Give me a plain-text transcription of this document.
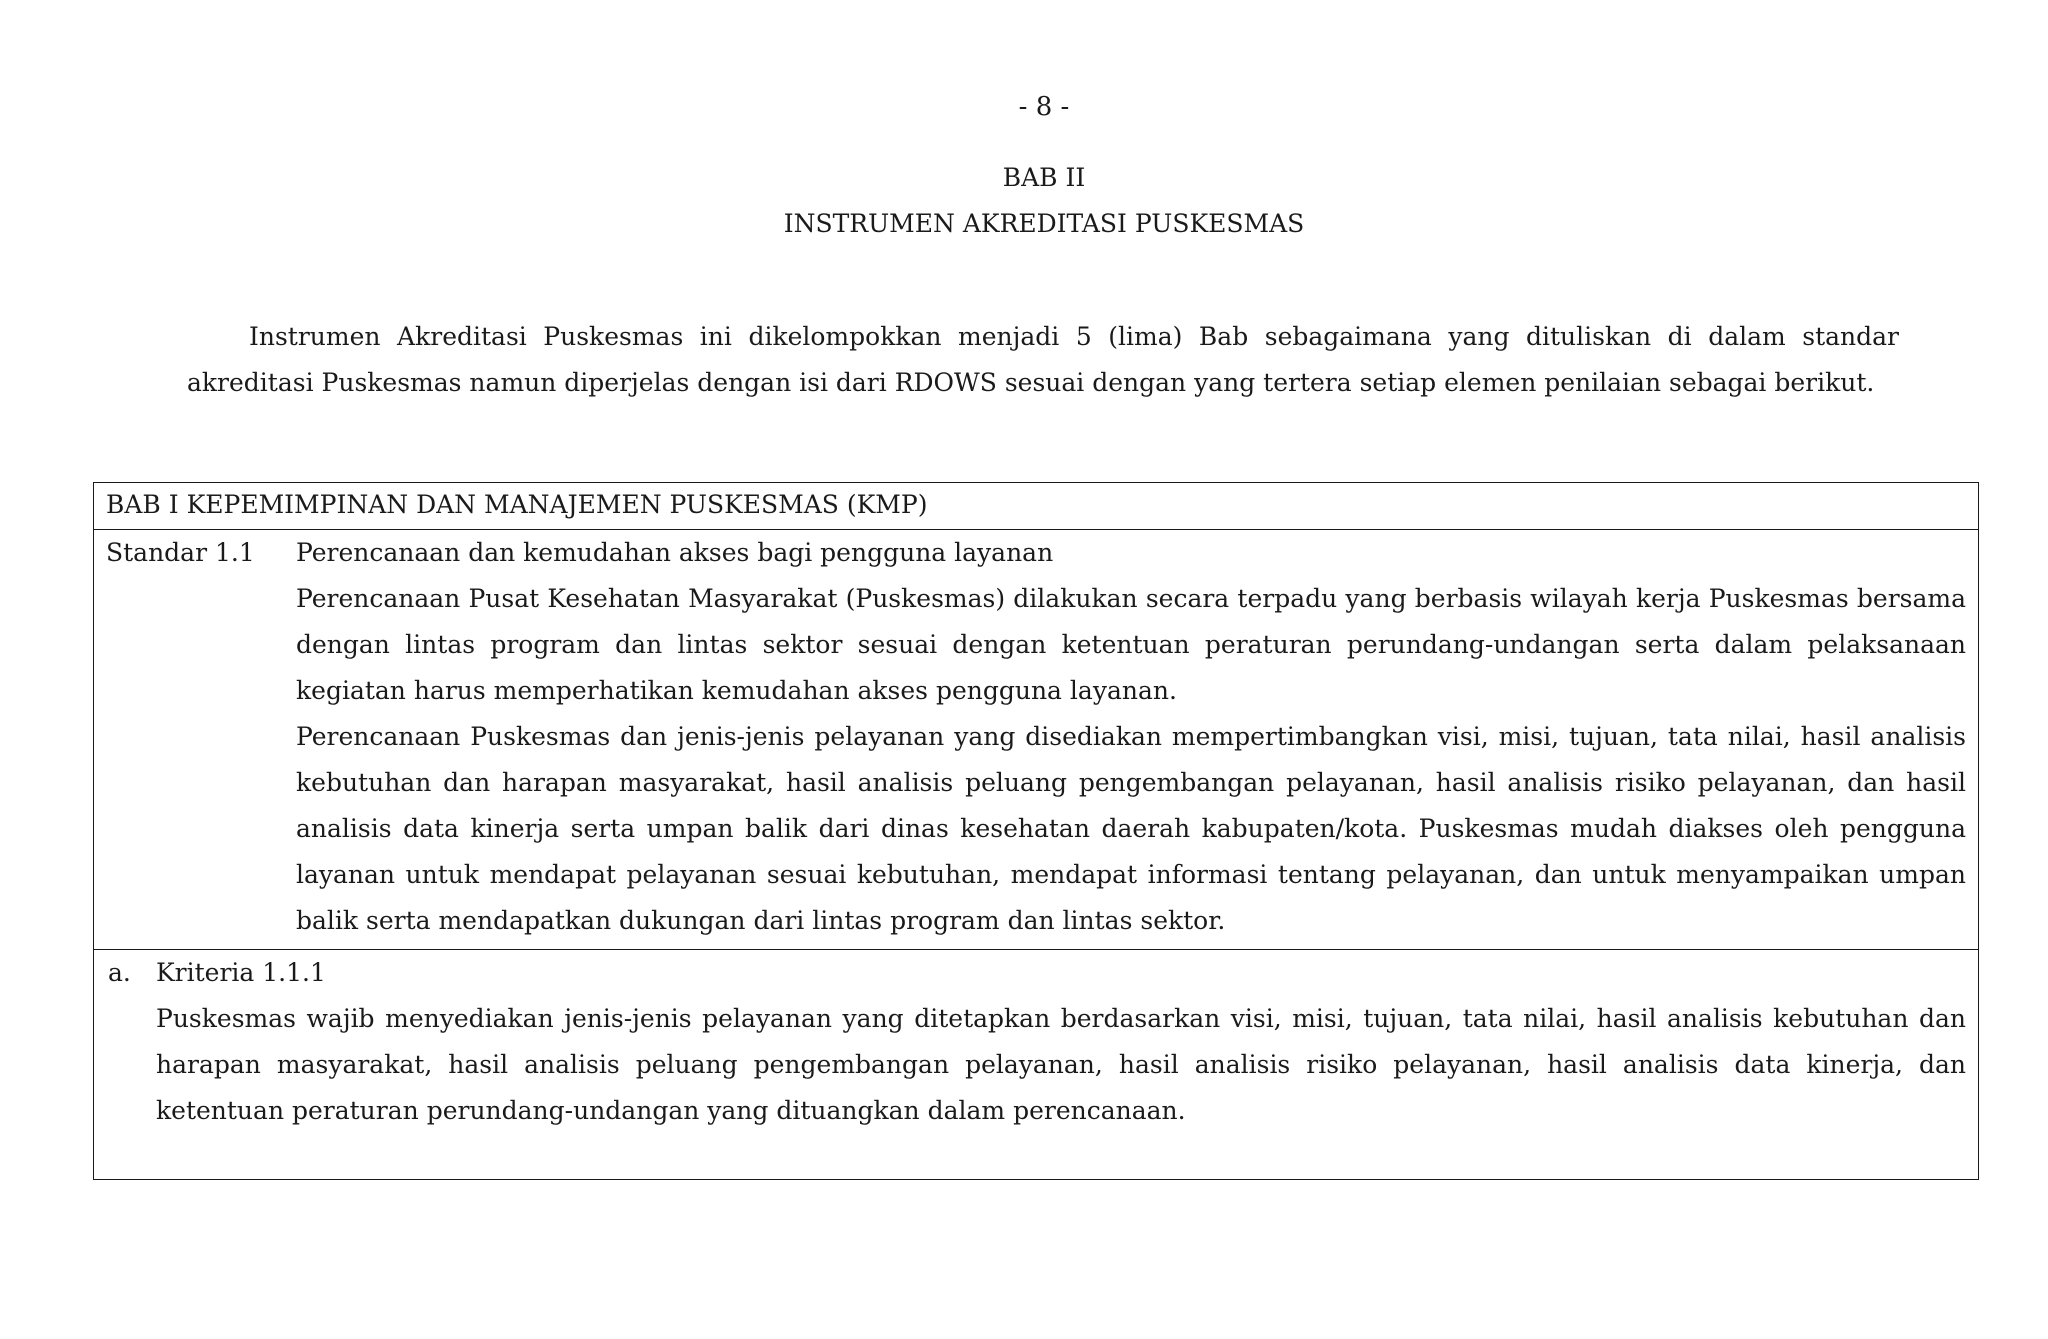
- 8 -
BAB II
INSTRUMEN AKREDITASI PUSKESMAS

Instrumen Akreditasi Puskesmas ini dikelompokkan menjadi 5 (lima) Bab sebagaimana yang dituliskan di dalam standar akreditasi Puskesmas namun diperjelas dengan isi dari RDOWS sesuai dengan yang tertera setiap elemen penilaian sebagai berikut.

BAB I KEPEMIMPINAN DAN MANAJEMEN PUSKESMAS (KMP)
Standar 1.1 Perencanaan dan kemudahan akses bagi pengguna layanan

Perencanaan Pusat Kesehatan Masyarakat (Puskesmas) dilakukan secara terpadu yang berbasis wilayah kerja Puskesmas bersama dengan lintas program dan lintas sektor sesuai dengan ketentuan peraturan perundang-undangan serta dalam pelaksanaan kegiatan harus memperhatikan kemudahan akses pengguna layanan.

Perencanaan Puskesmas dan jenis-jenis pelayanan yang disediakan mempertimbangkan visi, misi, tujuan, tata nilai, hasil analisis kebutuhan dan harapan masyarakat, hasil analisis peluang pengembangan pelayanan, hasil analisis risiko pelayanan, dan hasil analisis data kinerja serta umpan balik dari dinas kesehatan daerah kabupaten/kota. Puskesmas mudah diakses oleh pengguna layanan untuk mendapat pelayanan sesuai kebutuhan, mendapat informasi tentang pelayanan, dan untuk menyampaikan umpan balik serta mendapatkan dukungan dari lintas program dan lintas sektor.

a. Kriteria 1.1.1

Puskesmas wajib menyediakan jenis-jenis pelayanan yang ditetapkan berdasarkan visi, misi, tujuan, tata nilai, hasil analisis kebutuhan dan harapan masyarakat, hasil analisis peluang pengembangan pelayanan, hasil analisis risiko pelayanan, hasil analisis data kinerja, dan ketentuan peraturan perundang-undangan yang dituangkan dalam perencanaan.
